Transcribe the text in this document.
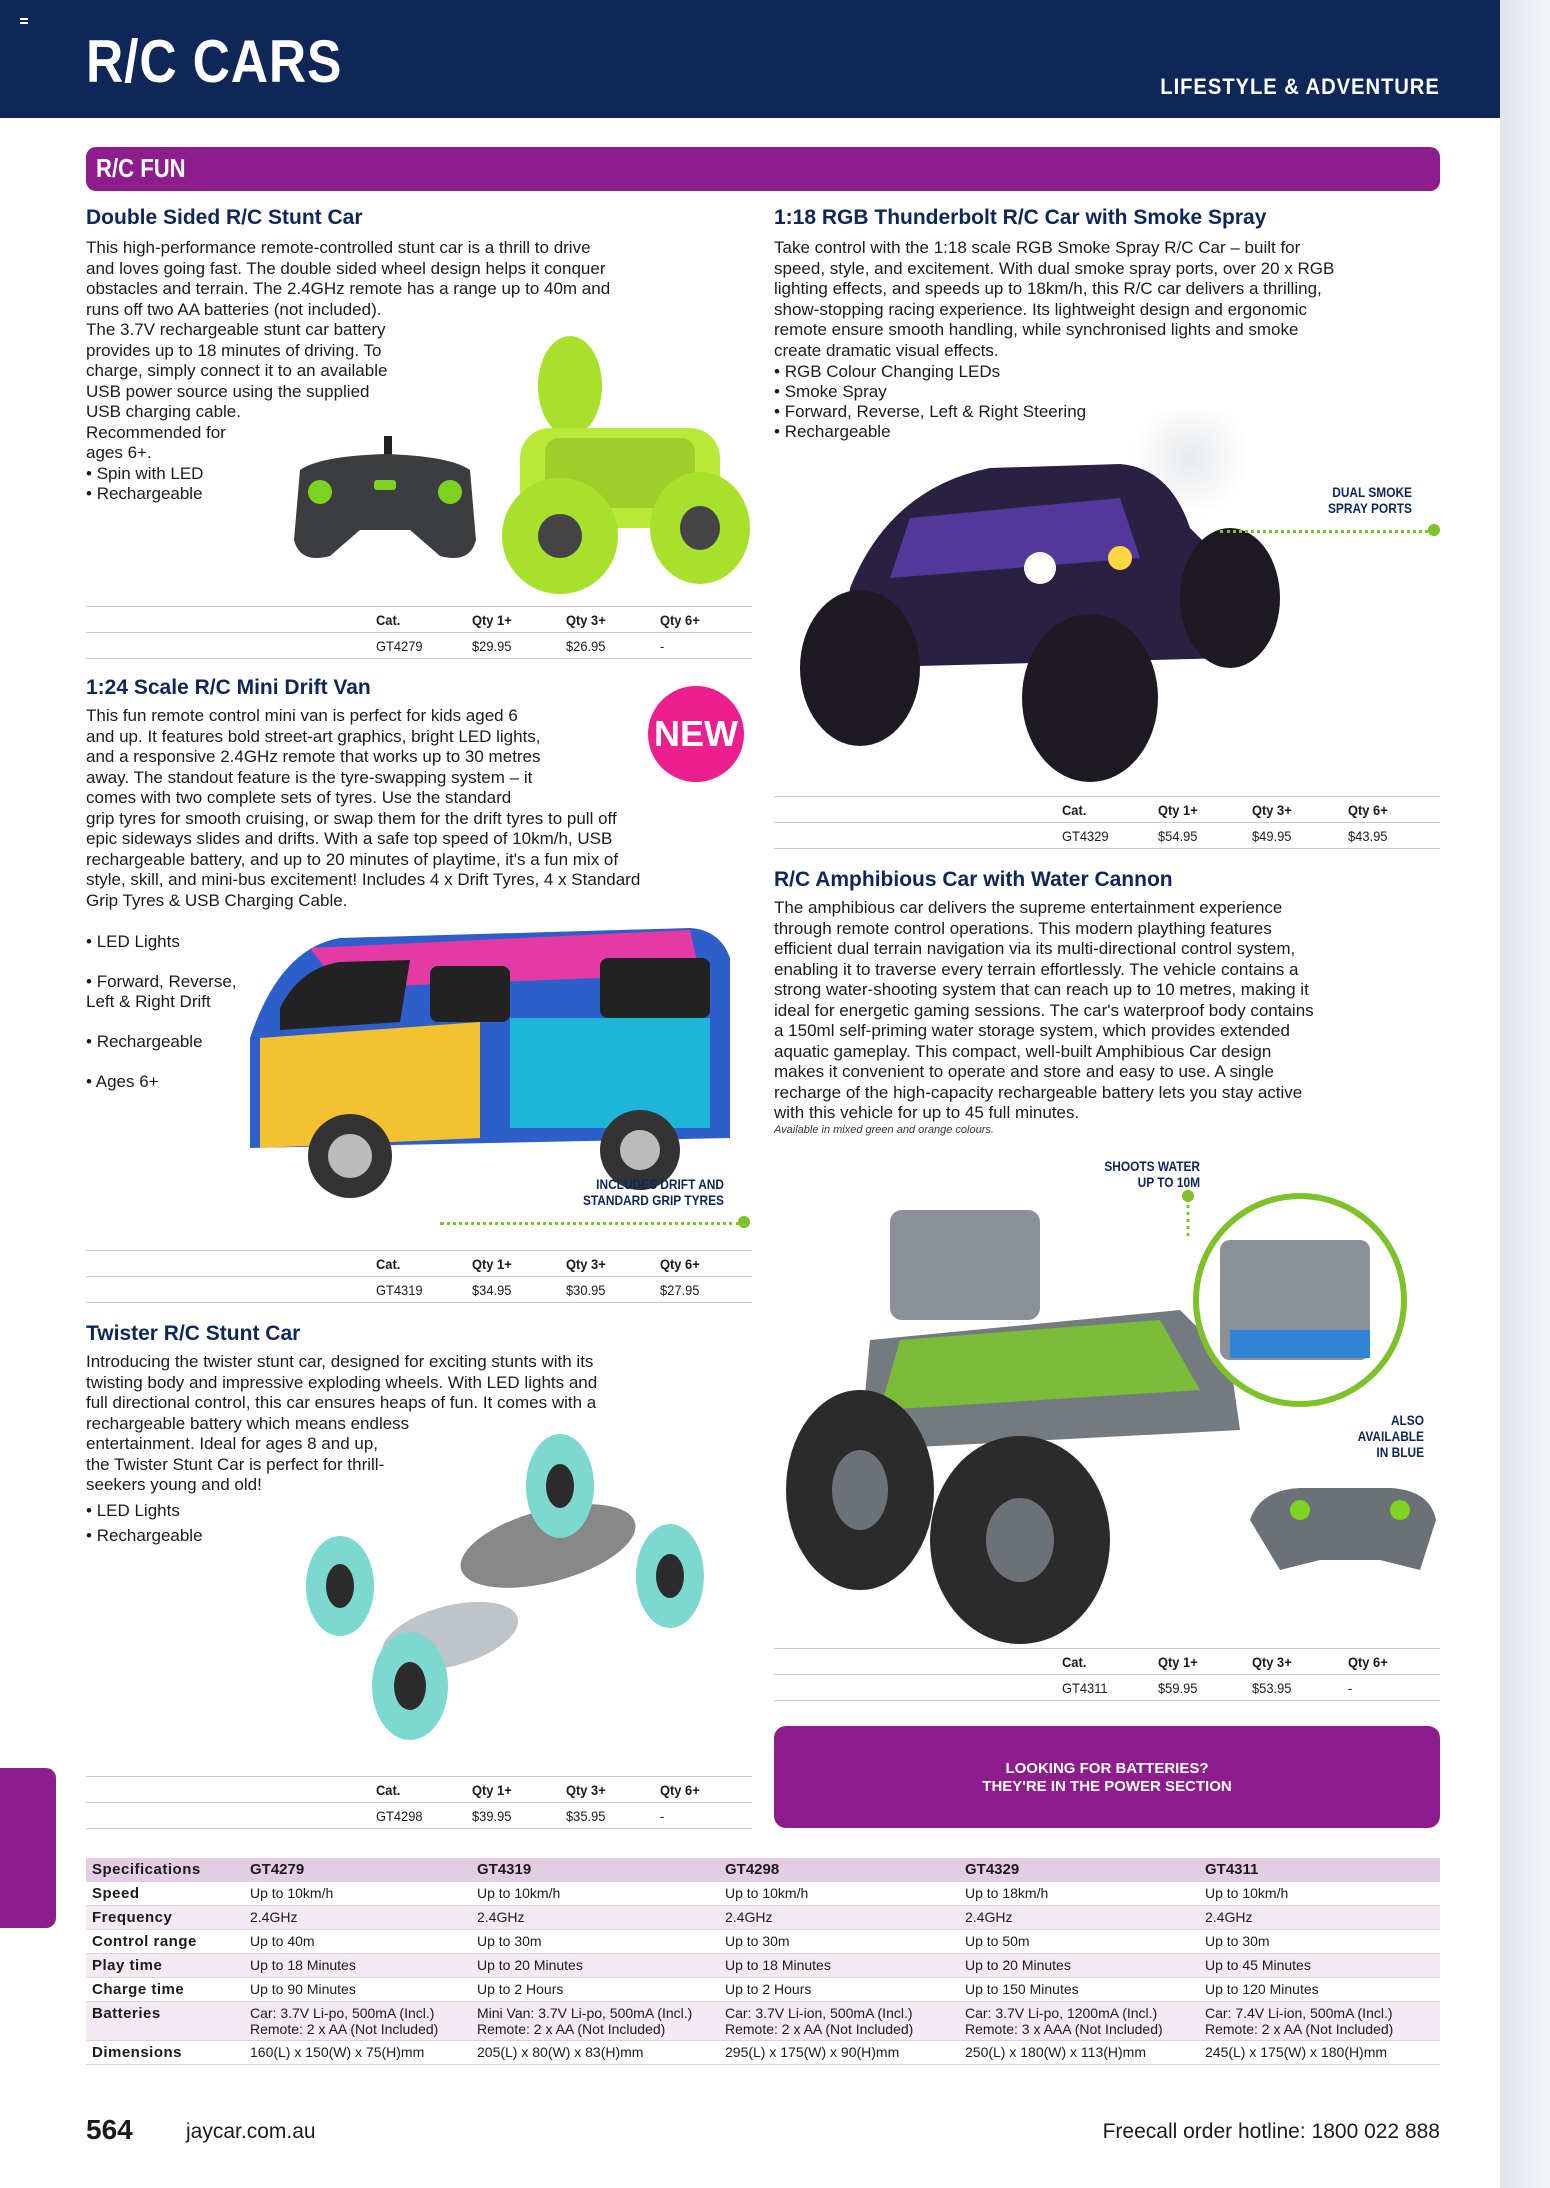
R/C CARS	LIFESTYLE & ADVENTURE
R/C FUN
Double Sided R/C Stunt Car
This high-performance remote-controlled stunt car is a thrill to drive
and loves going fast. The double sided wheel design helps it conquer
obstacles and terrain. The 2.4GHz remote has a range up to 40m and
runs off two AA batteries (not included).
The 3.7V rechargeable stunt car battery
provides up to 18 minutes of driving. To
charge, simply connect it to an available
USB power source using the supplied
USB charging cable.
Recommended for
ages 6+.
• Spin with LED
• Rechargeable
Cat.	Qty 1+	Qty 3+	Qty 6+
GT4279	$29.95	$26.95	-
1:24 Scale R/C Mini Drift Van
NEW
This fun remote control mini van is perfect for kids aged 6
and up. It features bold street-art graphics, bright LED lights,
and a responsive 2.4GHz remote that works up to 30 metres
away. The standout feature is the tyre-swapping system – it
comes with two complete sets of tyres. Use the standard
grip tyres for smooth cruising, or swap them for the drift tyres to pull off
epic sideways slides and drifts. With a safe top speed of 10km/h, USB
rechargeable battery, and up to 20 minutes of playtime, it's a fun mix of
style, skill, and mini-bus excitement! Includes 4 x Drift Tyres, 4 x Standard
Grip Tyres & USB Charging Cable.

• LED Lights

• Forward, Reverse,
Left & Right Drift

• Rechargeable

• Ages 6+

INCLUDES DRIFT AND
STANDARD GRIP TYRES
Cat.	Qty 1+	Qty 3+	Qty 6+
GT4319	$34.95	$30.95	$27.95
Twister R/C Stunt Car
Introducing the twister stunt car, designed for exciting stunts with its
twisting body and impressive exploding wheels. With LED lights and
full directional control, this car ensures heaps of fun. It comes with a
rechargeable battery which means endless
entertainment. Ideal for ages 8 and up,
the Twister Stunt Car is perfect for thrill-
seekers young and old!
• LED Lights
• Rechargeable
Cat.	Qty 1+	Qty 3+	Qty 6+
GT4298	$39.95	$35.95	-
1:18 RGB Thunderbolt R/C Car with Smoke Spray
Take control with the 1:18 scale RGB Smoke Spray R/C Car – built for
speed, style, and excitement. With dual smoke spray ports, over 20 x RGB
lighting effects, and speeds up to 18km/h, this R/C car delivers a thrilling,
show-stopping racing experience. Its lightweight design and ergonomic
remote ensure smooth handling, while synchronised lights and smoke
create dramatic visual effects.
• RGB Colour Changing LEDs
• Smoke Spray
• Forward, Reverse, Left & Right Steering
• Rechargeable
DUAL SMOKE
SPRAY PORTS
Cat.	Qty 1+	Qty 3+	Qty 6+
GT4329	$54.95	$49.95	$43.95
R/C Amphibious Car with Water Cannon
The amphibious car delivers the supreme entertainment experience
through remote control operations. This modern plaything features
efficient dual terrain navigation via its multi-directional control system,
enabling it to traverse every terrain effortlessly. The vehicle contains a
strong water-shooting system that can reach up to 10 metres, making it
ideal for energetic gaming sessions. The car's waterproof body contains
a 150ml self-priming water storage system, which provides extended
aquatic gameplay. This compact, well-built Amphibious Car design
makes it convenient to operate and store and easy to use. A single
recharge of the high-capacity rechargeable battery lets you stay active
with this vehicle for up to 45 full minutes.
Available in mixed green and orange colours.
SHOOTS WATER
UP TO 10M
ALSO
AVAILABLE
IN BLUE
Cat.	Qty 1+	Qty 3+	Qty 6+
GT4311	$59.95	$53.95	-
LOOKING FOR BATTERIES?
THEY'RE IN THE POWER SECTION
Specifications	GT4279	GT4319	GT4298	GT4329	GT4311
Speed	Up to 10km/h	Up to 10km/h	Up to 10km/h	Up to 18km/h	Up to 10km/h
Frequency	2.4GHz	2.4GHz	2.4GHz	2.4GHz	2.4GHz
Control range	Up to 40m	Up to 30m	Up to 30m	Up to 50m	Up to 30m
Play time	Up to 18 Minutes	Up to 20 Minutes	Up to 18 Minutes	Up to 20 Minutes	Up to 45 Minutes
Charge time	Up to 90 Minutes	Up to 2 Hours	Up to 2 Hours	Up to 150 Minutes	Up to 120 Minutes
Batteries	Car: 3.7V Li-po, 500mA (Incl.)
Remote: 2 x AA (Not Included)
Mini Van: 3.7V Li-po, 500mA (Incl.)
Remote: 2 x AA (Not Included)
Car: 3.7V Li-ion, 500mA (Incl.)
Remote: 2 x AA (Not Included)
Car: 3.7V Li-po, 1200mA (Incl.)
Remote: 3 x AAA (Not Included)
Car: 7.4V Li-ion, 500mA (Incl.)
Remote: 2 x AA (Not Included)
Dimensions	160(L) x 150(W) x 75(H)mm	205(L) x 80(W) x 83(H)mm	295(L) x 175(W) x 90(H)mm	250(L) x 180(W) x 113(H)mm	245(L) x 175(W) x 180(H)mm
564	jaycar.com.au	Freecall order hotline: 1800 022 888
